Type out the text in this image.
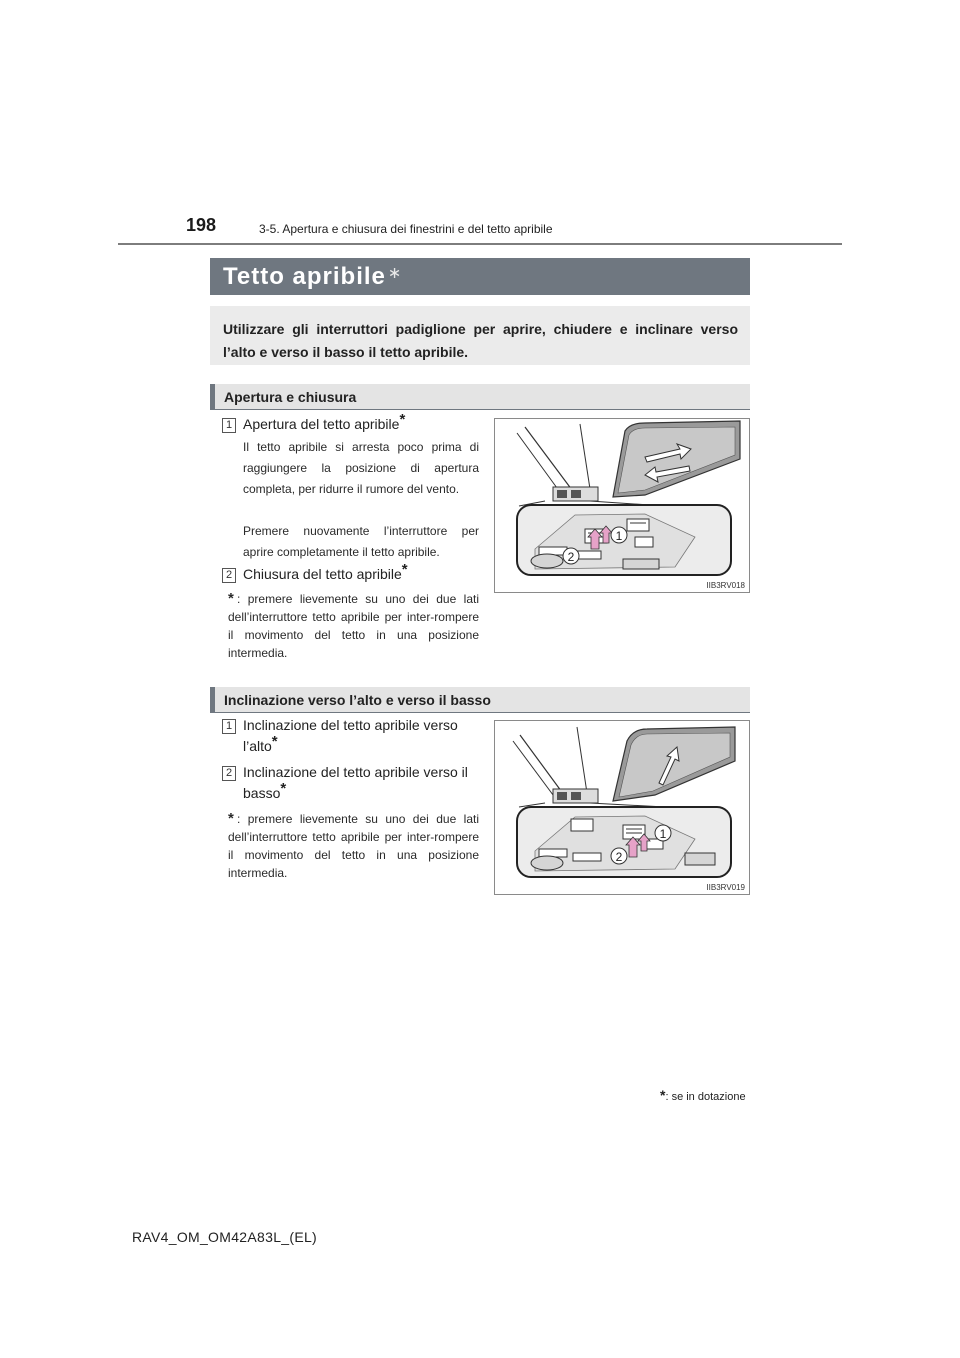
198	3-5. Apertura e chiusura dei finestrini e del tetto apribile
Tetto apribile ∗
Utilizzare gli interruttori padiglione per aprire, chiudere e inclinare verso l’alto e verso il basso il tetto apribile.
Apertura e chiusura
1 Apertura del tetto apribile*
Il tetto apribile si arresta poco prima di raggiungere la posizione di apertura completa, per ridurre il rumore del vento.
Premere nuovamente l’interruttore per aprire completamente il tetto apribile.
2 Chiusura del tetto apribile*
* : premere lievemente su uno dei due lati dell’interruttore tetto apribile per inter-rompere il movimento del tetto in una posizione intermedia.
1
2
IIB3RV018
Inclinazione verso l’alto e verso il basso
1 Inclinazione del tetto apribile verso l’alto*
2 Inclinazione del tetto apribile verso il basso*
* : premere lievemente su uno dei due lati dell’interruttore tetto apribile per inter-rompere il movimento del tetto in una posizione intermedia.
1
2
IIB3RV019
*: se in dotazione
RAV4_OM_OM42A83L_(EL)
